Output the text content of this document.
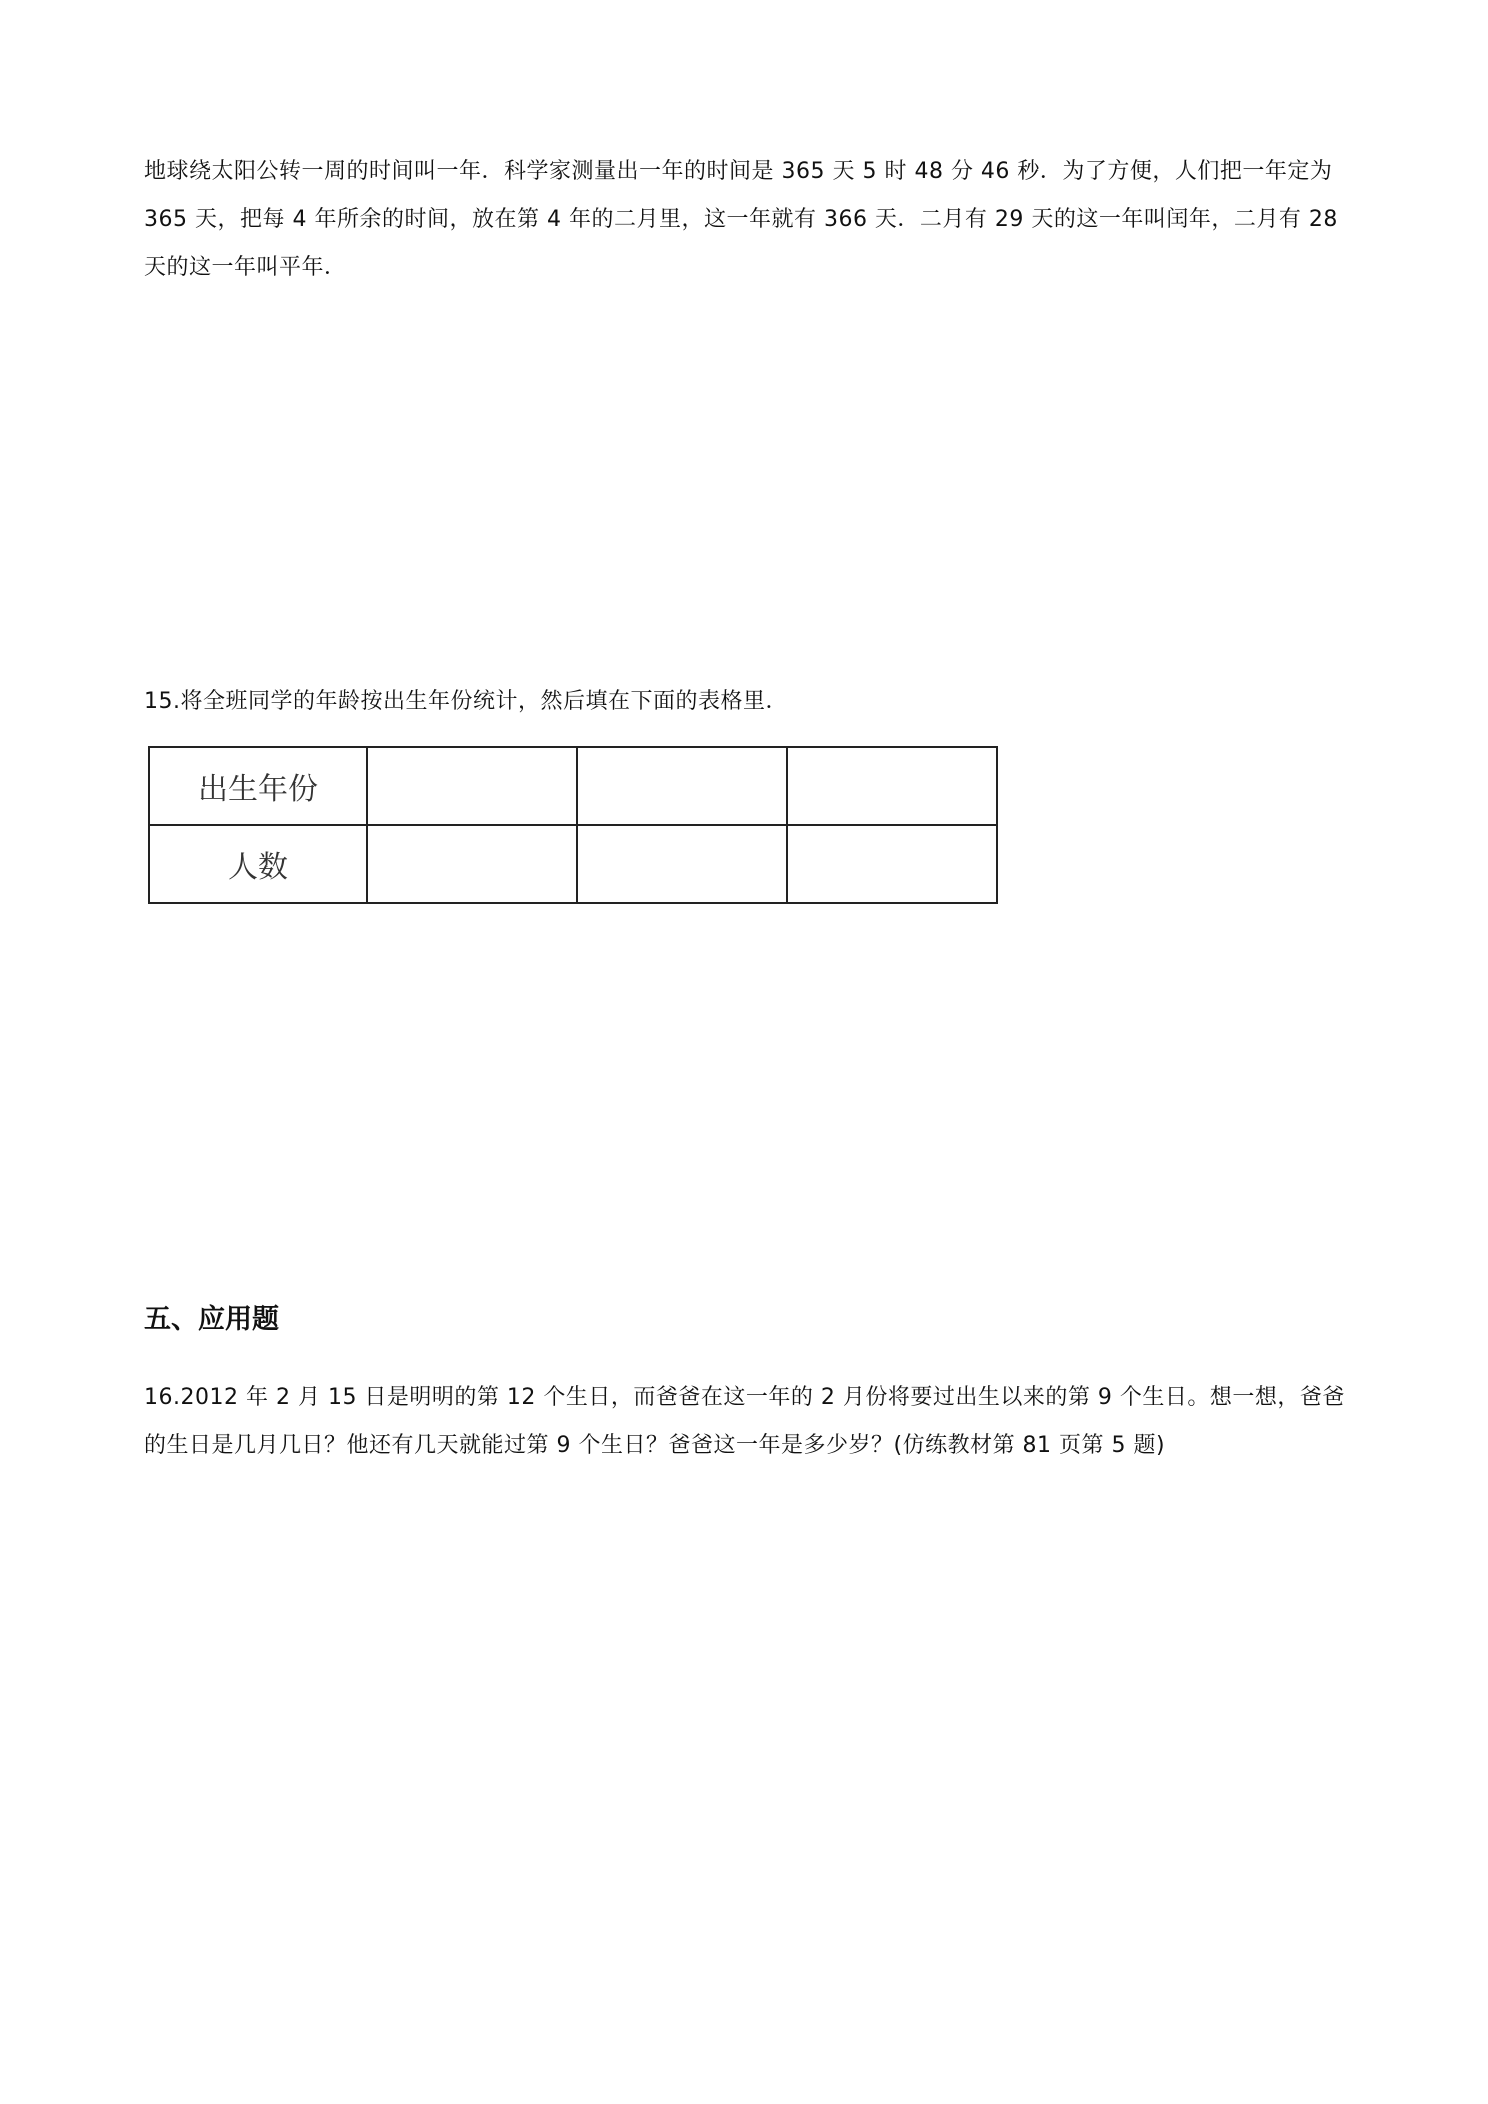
地球绕太阳公转一周的时间叫一年．科学家测量出一年的时间是 365 天 5 时 48 分 46 秒．为了方便，人们把一年定为 365 天，把每 4 年所余的时间，放在第 4 年的二月里，这一年就有 366 天．二月有 29 天的这一年叫闰年，二月有 28 天的这一年叫平年．

15.将全班同学的年龄按出生年份统计，然后填在下面的表格里．

出生年份			
人数			
五、应用题

16.2012 年 2 月 15 日是明明的第 12 个生日，而爸爸在这一年的 2 月份将要过出生以来的第 9 个生日。想一想，爸爸的生日是几月几日？他还有几天就能过第 9 个生日？爸爸这一年是多少岁？(仿练教材第 81 页第 5 题)
